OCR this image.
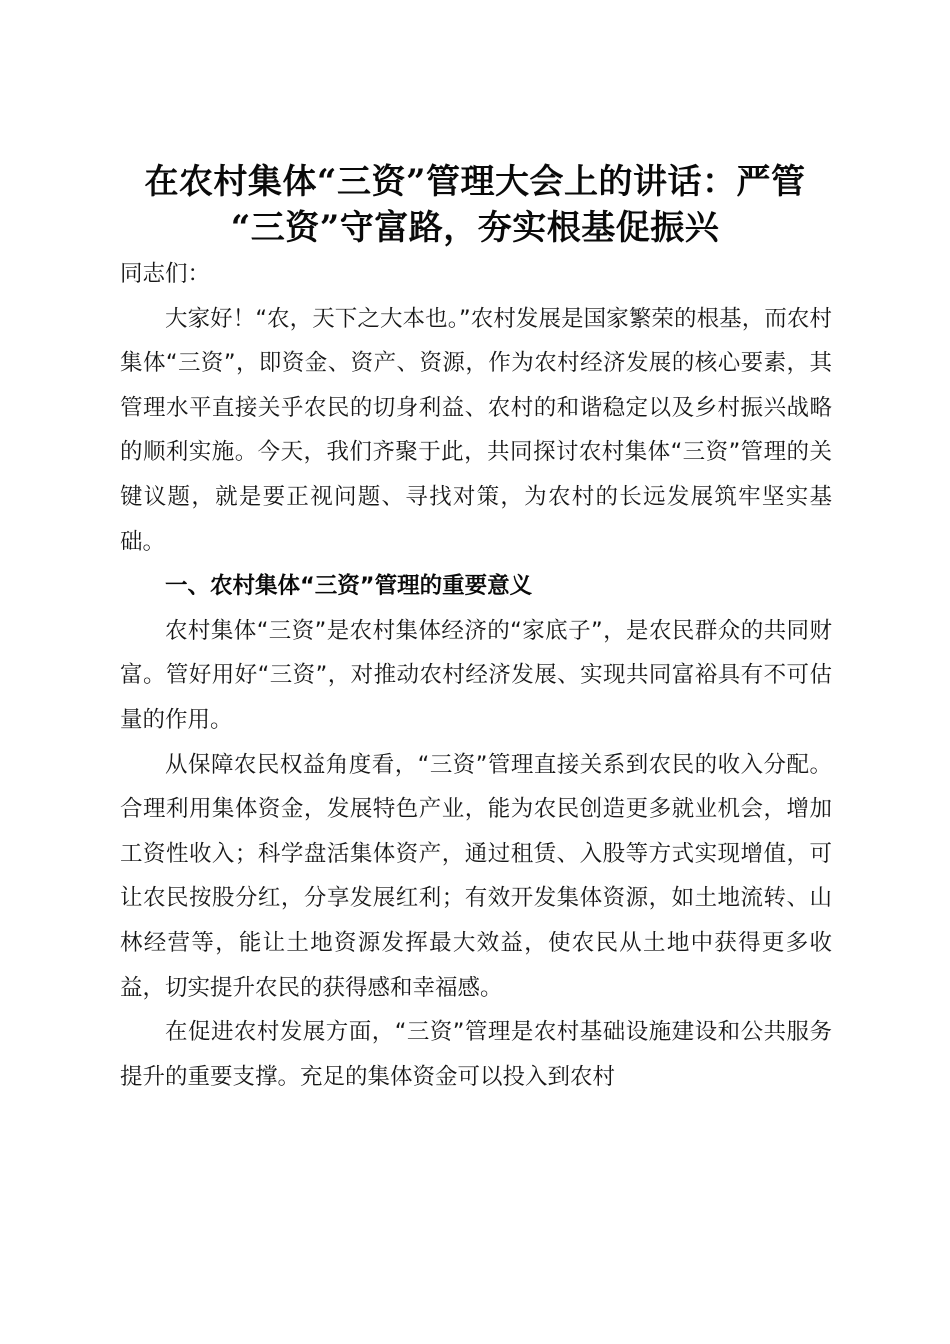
在农村集体“三资”管理大会上的讲话：严管
“三资”守富路，夯实根基促振兴

同志们：

大家好！“农，天下之大本也。”农村发展是国家繁荣的根基，而农村集体“三资”，即资金、资产、资源，作为农村经济发展的核心要素，其管理水平直接关乎农民的切身利益、农村的和谐稳定以及乡村振兴战略的顺利实施。今天，我们齐聚于此，共同探讨农村集体“三资”管理的关键议题，就是要正视问题、寻找对策，为农村的长远发展筑牢坚实基础。

一、农村集体“三资”管理的重要意义

农村集体“三资”是农村集体经济的“家底子”，是农民群众的共同财富。管好用好“三资”，对推动农村经济发展、实现共同富裕具有不可估量的作用。

从保障农民权益角度看，“三资”管理直接关系到农民的收入分配。合理利用集体资金，发展特色产业，能为农民创造更多就业机会，增加工资性收入；科学盘活集体资产，通过租赁、入股等方式实现增值，可让农民按股分红，分享发展红利；有效开发集体资源，如土地流转、山林经营等，能让土地资源发挥最大效益，使农民从土地中获得更多收益，切实提升农民的获得感和幸福感。

在促进农村发展方面，“三资”管理是农村基础设施建设和公共服务提升的重要支撑。充足的集体资金可以投入到农村
